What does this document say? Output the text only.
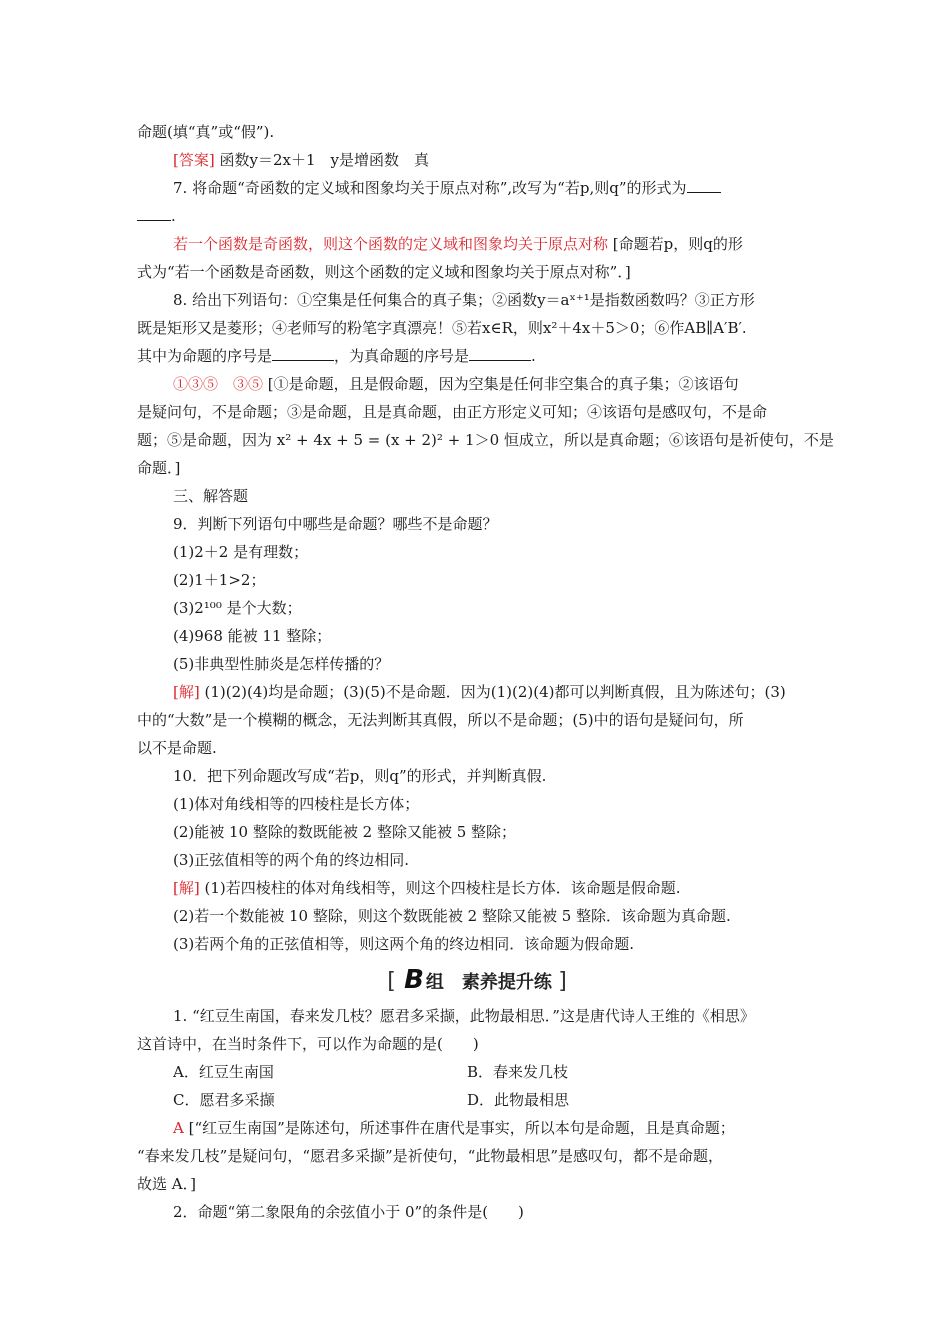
命题(填“真”或“假”).
[答案] 函数y＝2x＋1　y是增函数　真
7. 将命题“奇函数的定义域和图象均关于原点对称”,改写为“若p,则q”的形式为
.
若一个函数是奇函数，则这个函数的定义域和图象均关于原点对称 [命题若p，则q的形
式为“若一个函数是奇函数，则这个函数的定义域和图象均关于原点对称”．]
8. 给出下列语句：①空集是任何集合的真子集；②函数y＝aˣ⁺¹是指数函数吗？③正方形
既是矩形又是菱形；④老师写的粉笔字真漂亮！⑤若x∈R，则x²＋4x＋5＞0；⑥作AB∥A′B′.
其中为命题的序号是	，为真命题的序号是	.
①③⑤　③⑤ [①是命题，且是假命题，因为空集是任何非空集合的真子集；②该语句
是疑问句，不是命题；③是命题，且是真命题，由正方形定义可知；④该语句是感叹句，不是命
题；⑤是命题，因为 x² + 4x + 5 = (x + 2)² + 1＞0 恒成立，所以是真命题；⑥该语句是祈使句，不是
命题．]
三、解答题
9．判断下列语句中哪些是命题？哪些不是命题？
(1)2＋2 是有理数；
(2)1＋1>2；
(3)2¹⁰⁰ 是个大数；
(4)968 能被 11 整除；
(5)非典型性肺炎是怎样传播的？
[解] (1)(2)(4)均是命题；(3)(5)不是命题．因为(1)(2)(4)都可以判断真假，且为陈述句；(3)
中的“大数”是一个模糊的概念，无法判断其真假，所以不是命题；(5)中的语句是疑问句，所
以不是命题.
10．把下列命题改写成“若p，则q”的形式，并判断真假.
(1)体对角线相等的四棱柱是长方体；
(2)能被 10 整除的数既能被 2 整除又能被 5 整除；
(3)正弦值相等的两个角的终边相同.
[解] (1)若四棱柱的体对角线相等，则这个四棱柱是长方体．该命题是假命题.
(2)若一个数能被 10 整除，则这个数既能被 2 整除又能被 5 整除．该命题为真命题.
(3)若两个角的正弦值相等，则这两个角的终边相同．该命题为假命题.
[ B 组　素养提升练 ]
1. “红豆生南国，春来发几枝？愿君多采撷，此物最相思．”这是唐代诗人王维的《相思》
这首诗中，在当时条件下，可以作为命题的是(　　)
A．红豆生南国	B．春来发几枝
C．愿君多采撷	D．此物最相思
A [“红豆生南国”是陈述句，所述事件在唐代是事实，所以本句是命题，且是真命题；
“春来发几枝”是疑问句，“愿君多采撷”是祈使句，“此物最相思”是感叹句，都不是命题，
故选 A．]
2．命题“第二象限角的余弦值小于 0”的条件是(　　)
